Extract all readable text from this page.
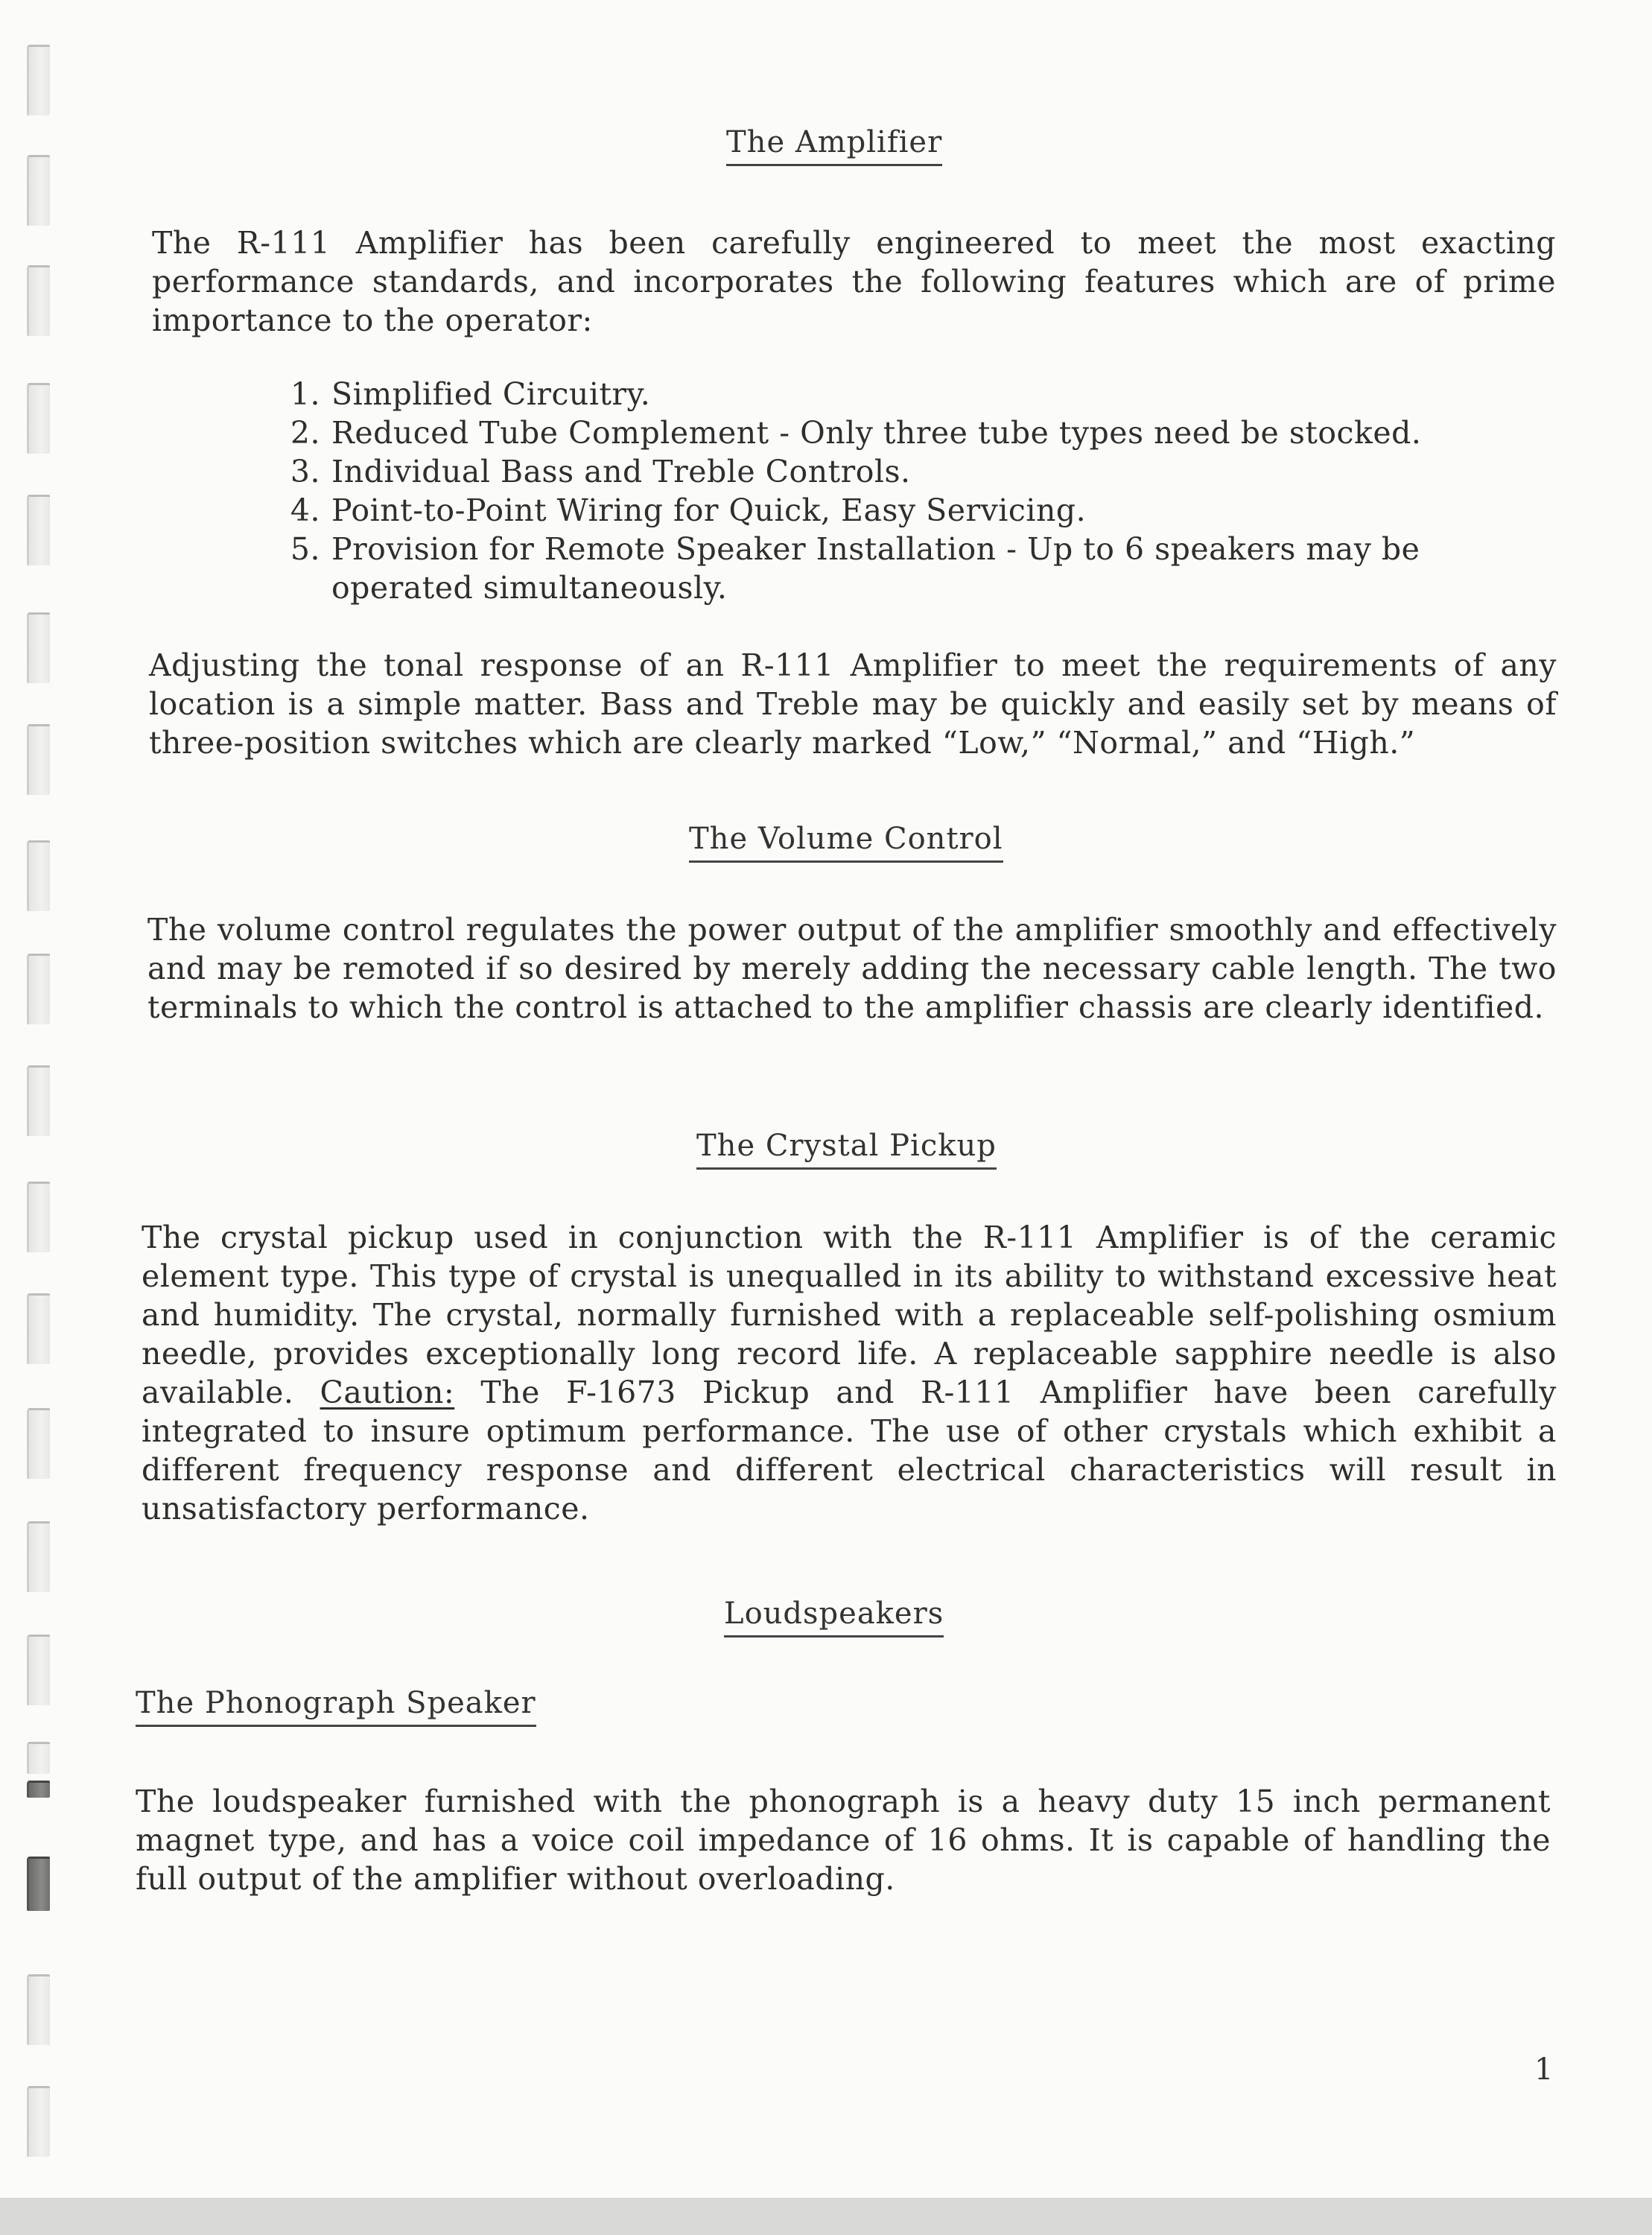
The Amplifier

The R-111 Amplifier has been carefully engineered to meet the most exacting performance standards, and incorporates the following features which are of prime importance to the operator:

1. Simplified Circuitry.
2. Reduced Tube Complement - Only three tube types need be stocked.
3. Individual Bass and Treble Controls.
4. Point-to-Point Wiring for Quick, Easy Servicing.
5. Provision for Remote Speaker Installation - Up to 6 speakers may be operated simultaneously.

Adjusting the tonal response of an R-111 Amplifier to meet the requirements of any location is a simple matter. Bass and Treble may be quickly and easily set by means of three-position switches which are clearly marked “Low,” “Normal,” and “High.”

The Volume Control

The volume control regulates the power output of the amplifier smoothly and effectively and may be remoted if so desired by merely adding the necessary cable length. The two terminals to which the control is attached to the amplifier chassis are clearly identified.

The Crystal Pickup

The crystal pickup used in conjunction with the R-111 Amplifier is of the ceramic element type. This type of crystal is unequalled in its ability to withstand excessive heat and humidity. The crystal, normally furnished with a replaceable self-polishing osmium needle, provides exceptionally long record life. A replaceable sapphire needle is also available. Caution: The F-1673 Pickup and R-111 Amplifier have been carefully integrated to insure optimum performance. The use of other crystals which exhibit a different frequency response and different electrical characteristics will result in unsatisfactory performance.

Loudspeakers
The Phonograph Speaker

The loudspeaker furnished with the phonograph is a heavy duty 15 inch permanent magnet type, and has a voice coil impedance of 16 ohms. It is capable of handling the full output of the amplifier without overloading.

1
